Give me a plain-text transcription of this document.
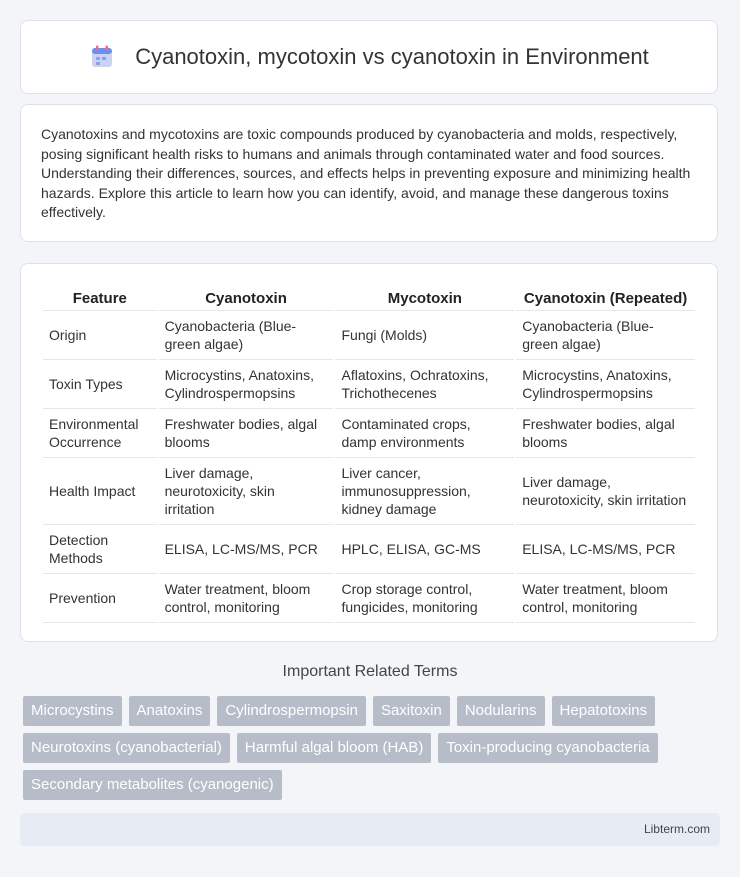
Cyanotoxin, mycotoxin vs cyanotoxin in Environment

Cyanotoxins and mycotoxins are toxic compounds produced by cyanobacteria and molds, respectively, posing significant health risks to humans and animals through contaminated water and food sources. Understanding their differences, sources, and effects helps in preventing exposure and minimizing health hazards. Explore this article to learn how you can identify, avoid, and manage these dangerous toxins effectively.

Feature	Cyanotoxin	Mycotoxin	Cyanotoxin (Repeated)
Origin	Cyanobacteria (Blue-green algae)	Fungi (Molds)	Cyanobacteria (Blue-green algae)
Toxin Types	Microcystins, Anatoxins, Cylindrospermopsins	Aflatoxins, Ochratoxins, Trichothecenes	Microcystins, Anatoxins, Cylindrospermopsins
Environmental Occurrence	Freshwater bodies, algal blooms	Contaminated crops, damp environments	Freshwater bodies, algal blooms
Health Impact	Liver damage, neurotoxicity, skin irritation	Liver cancer, immunosuppression, kidney damage	Liver damage, neurotoxicity, skin irritation
Detection Methods	ELISA, LC-MS/MS, PCR	HPLC, ELISA, GC-MS	ELISA, LC-MS/MS, PCR
Prevention	Water treatment, bloom control, monitoring	Crop storage control, fungicides, monitoring	Water treatment, bloom control, monitoring
Important Related Terms
Microcystins	Anatoxins	Cylindrospermopsin	Saxitoxin	Nodularins	Hepatotoxins
Neurotoxins (cyanobacterial)	Harmful algal bloom (HAB)	Toxin-producing cyanobacteria
Secondary metabolites (cyanogenic)
Libterm.com
